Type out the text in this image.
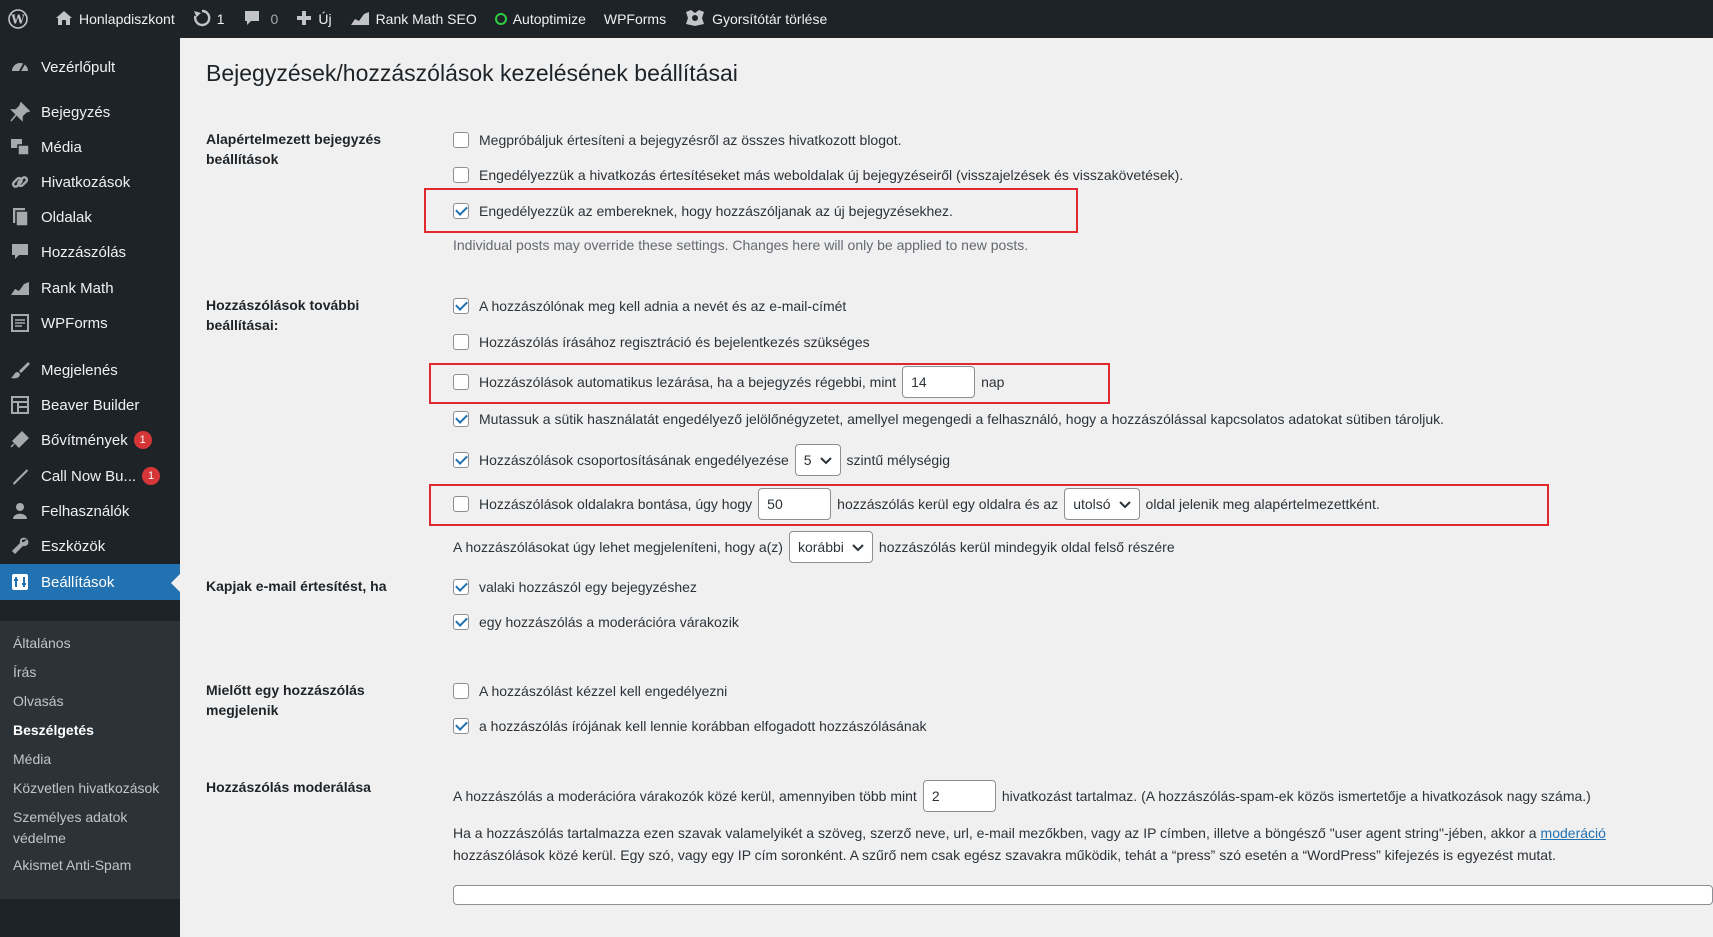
W	Honlapdiszkont	1	0	Új	Rank Math SEO	Autoptimize WPForms	Gyorsítótár törlése
Vezérlőpult
Bejegyzés
Média
Hivatkozások
Oldalak
Hozzászólás
Rank Math
WPForms
Megjelenés
Beaver Builder
Bővítmények	1
Call Now Bu...	1
Felhasználók
Eszközök
Beállítások
Általános
Írás
Olvasás
Beszélgetés
Média
Közvetlen hivatkozások
Személyes adatok védelme
Akismet Anti-Spam
Bejegyzések/hozzászólások kezelésének beállításai
Alapértelmezett bejegyzés beállítások
Megpróbáljuk értesíteni a bejegyzésről az összes hivatkozott blogot.
Engedélyezzük a hivatkozás értesítéseket más weboldalak új bejegyzéseiről (visszajelzések és visszakövetések).
Engedélyezzük az embereknek, hogy hozzászóljanak az új bejegyzésekhez.
Individual posts may override these settings. Changes here will only be applied to new posts.
Hozzászólások további beállításai:
A hozzászólónak meg kell adnia a nevét és az e-mail-címét
Hozzászólás írásához regisztráció és bejelentkezés szükséges
Hozzászólások automatikus lezárása, ha a bejegyzés régebbi, mint	14	nap
Mutassuk a sütik használatát engedélyező jelölőnégyzetet, amellyel megengedi a felhasználó, hogy a hozzászólással kapcsolatos adatokat sütiben tároljuk.
Hozzászólások csoportosításának engedélyezése 5	szintű mélységig
Hozzászólások oldalakra bontása, úgy hogy	50	hozzászólás kerül egy oldalra és az utolsó	oldal jelenik meg alapértelmezettként.
A hozzászólásokat úgy lehet megjeleníteni, hogy a(z) korábbi	hozzászólás kerül mindegyik oldal felső részére
Kapjak e-mail értesítést, ha	valaki hozzászól egy bejegyzéshez
egy hozzászólás a moderációra várakozik
Mielőtt egy hozzászólás megjelenik
A hozzászólást kézzel kell engedélyezni
a hozzászólás írójának kell lennie korábban elfogadott hozzászólásának
Hozzászólás moderálása
A hozzászólás a moderációra várakozók közé kerül, amennyiben több mint	2	hivatkozást tartalmaz. (A hozzászólás-spam-ek közös ismertetője a hivatkozások nagy száma.)
Ha a hozzászólás tartalmazza ezen szavak valamelyikét a szöveg, szerző neve, url, e-mail mezőkben, vagy az IP címben, illetve a böngésző "user agent string"-jében, akkor a moderáció
hozzászólások közé kerül. Egy szó, vagy egy IP cím soronként. A szűrő nem csak egész szavakra működik, tehát a “press” szó esetén a “WordPress” kifejezés is egyezést mutat.
